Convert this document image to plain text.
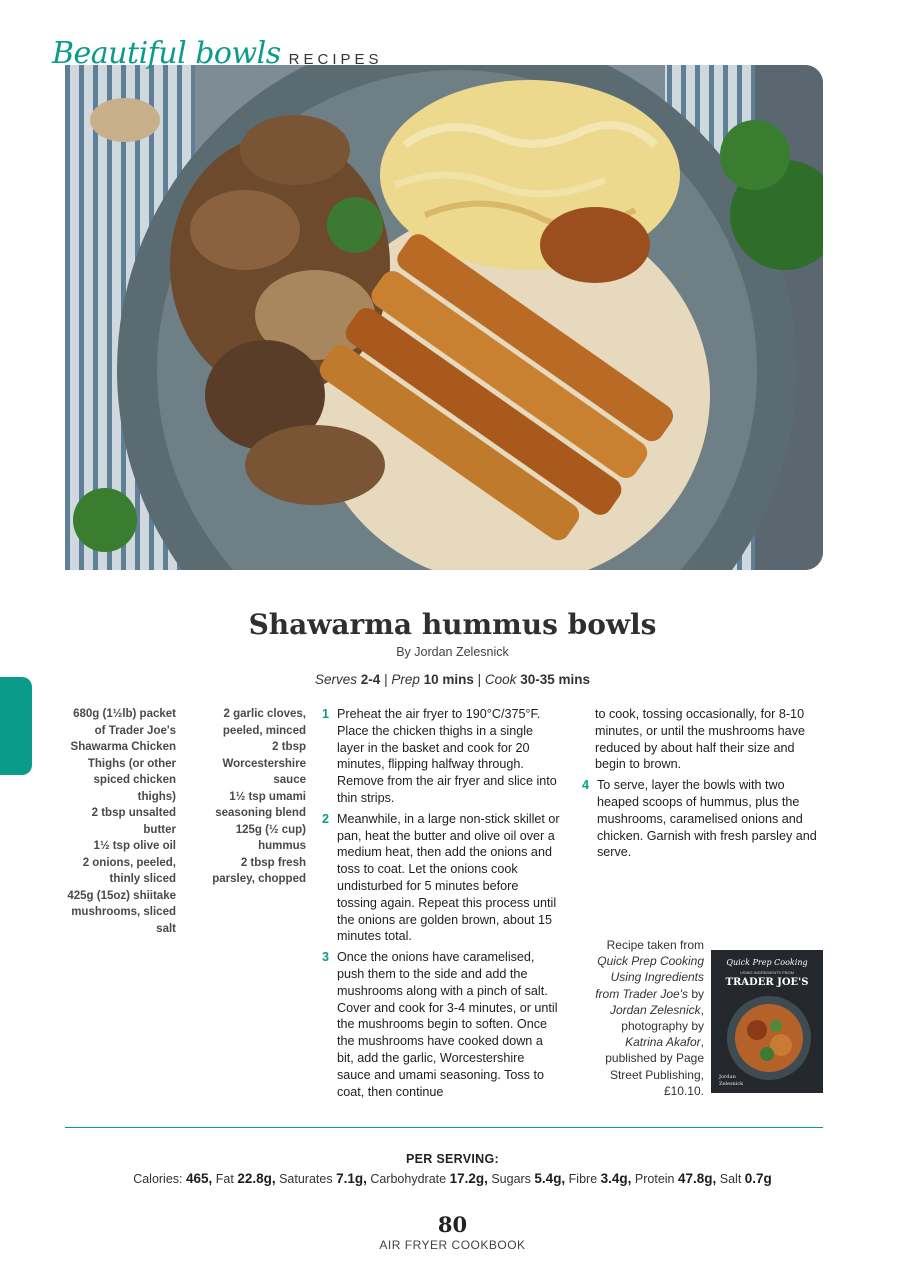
Beautiful bowls RECIPES
Shawarma hummus bowls
By Jordan Zelesnick
Serves 2-4 | Prep 10 mins | Cook 30-35 mins
680g (1½lb) packet of Trader Joe's Shawarma Chicken Thighs (or other spiced chicken thighs)
2 tbsp unsalted butter
1½ tsp olive oil
2 onions, peeled, thinly sliced
425g (15oz) shiitake mushrooms, sliced
salt
2 garlic cloves, peeled, minced
2 tbsp Worcestershire sauce
1½ tsp umami seasoning blend
125g (½ cup) hummus
2 tbsp fresh parsley, chopped
1 Preheat the air fryer to 190°C/375°F. Place the chicken thighs in a single layer in the basket and cook for 20 minutes, flipping halfway through. Remove from the air fryer and slice into thin strips.
2 Meanwhile, in a large non-stick skillet or pan, heat the butter and olive oil over a medium heat, then add the onions and toss to coat. Let the onions cook undisturbed for 5 minutes before tossing again. Repeat this process until the onions are golden brown, about 15 minutes total.
3 Once the onions have caramelised, push them to the side and add the mushrooms along with a pinch of salt. Cover and cook for 3-4 minutes, or until the mushrooms begin to soften. Once the mushrooms have cooked down a bit, add the garlic, Worcestershire sauce and umami seasoning. Toss to coat, then continue
to cook, tossing occasionally, for 8-10 minutes, or until the mushrooms have reduced by about half their size and begin to brown.
4 To serve, layer the bowls with two heaped scoops of hummus, plus the mushrooms, caramelised onions and chicken. Garnish with fresh parsley and serve.
Recipe taken from Quick Prep Cooking Using Ingredients from Trader Joe's by Jordan Zelesnick, photography by Katrina Akafor, published by Page Street Publishing, £10.10.
Quick Prep Cooking
USING INGREDIENTS FROM
TRADER JOE'S
Jordan
Zelesnick
PER SERVING:
Calories: 465, Fat 22.8g, Saturates 7.1g, Carbohydrate 17.2g, Sugars 5.4g, Fibre 3.4g, Protein 47.8g, Salt 0.7g
80
AIR FRYER COOKBOOK
